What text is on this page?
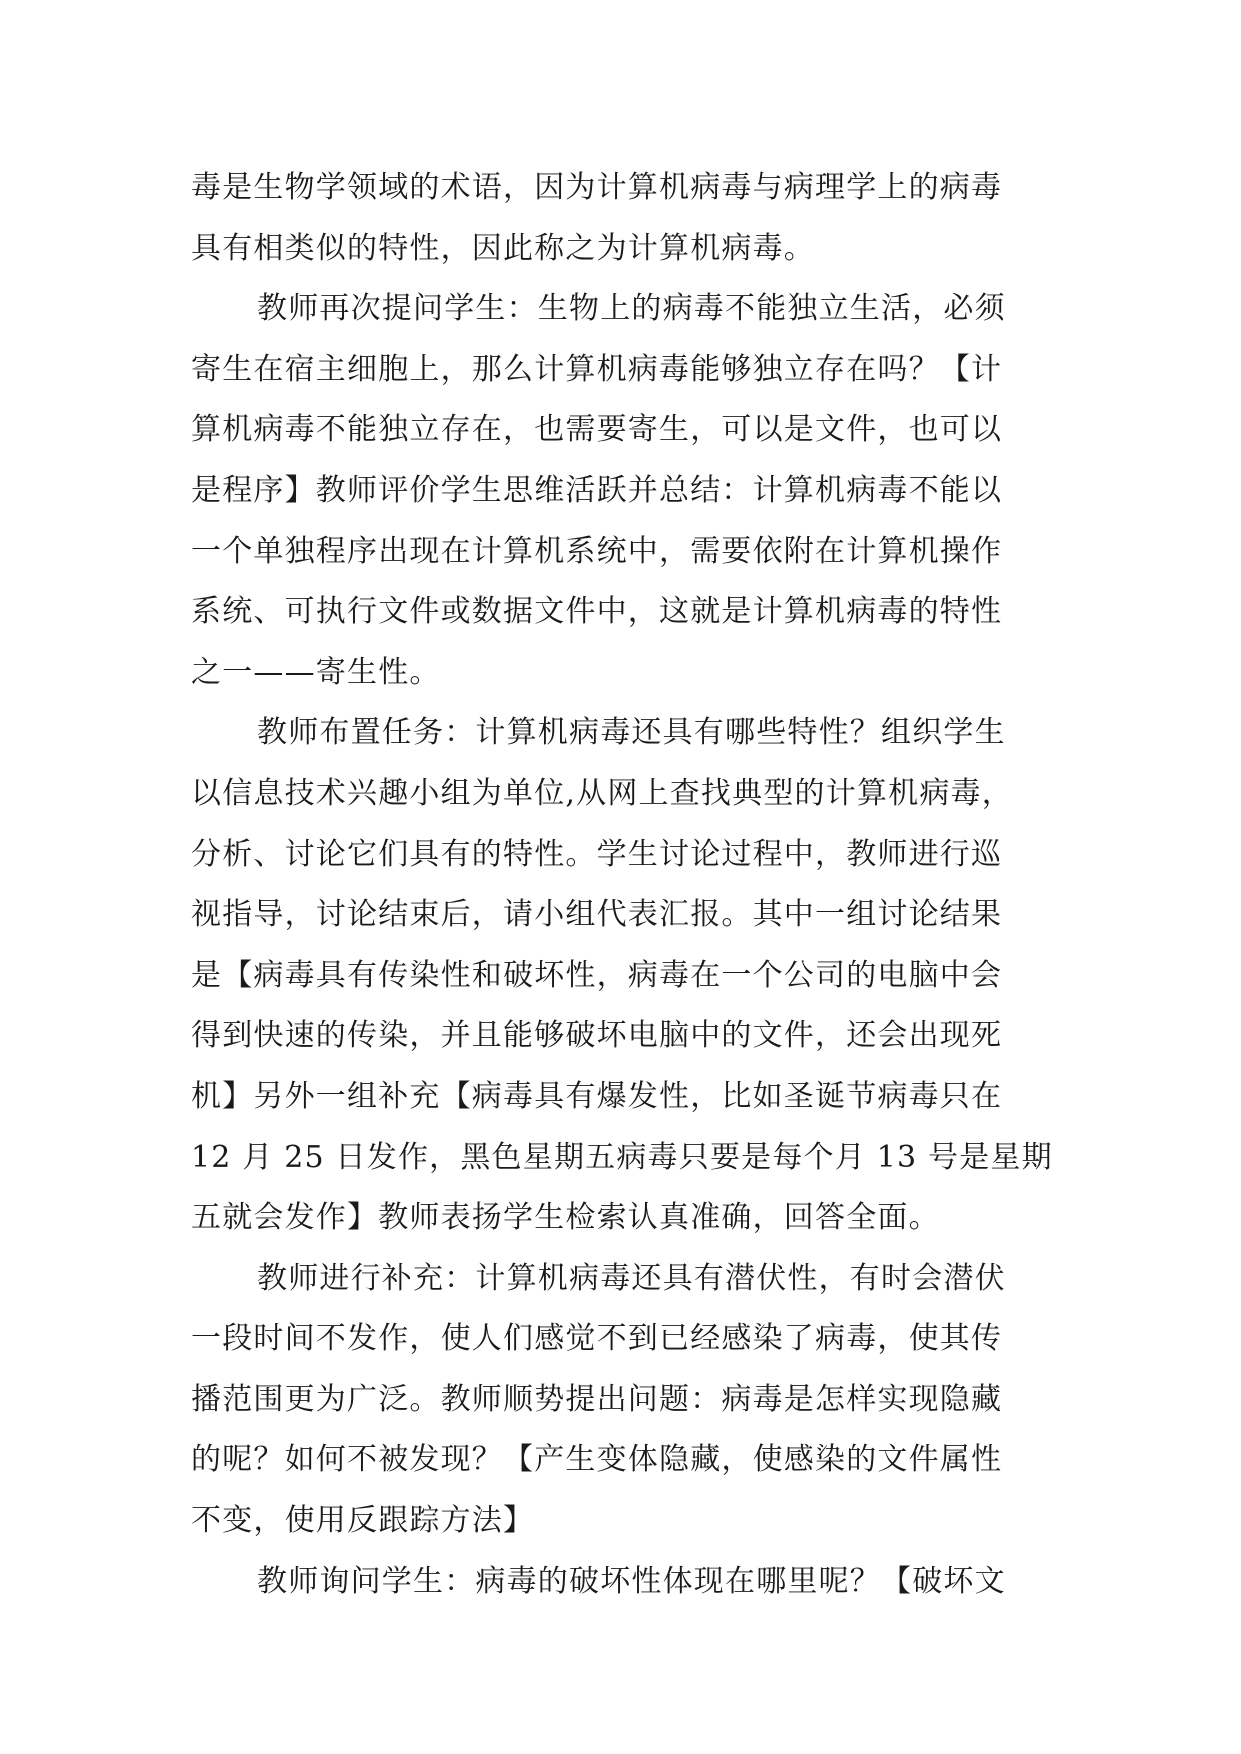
毒是生物学领域的术语，因为计算机病毒与病理学上的病毒
具有相类似的特性，因此称之为计算机病毒。
教师再次提问学生：生物上的病毒不能独立生活，必须
寄生在宿主细胞上，那么计算机病毒能够独立存在吗？【计
算机病毒不能独立存在，也需要寄生，可以是文件，也可以
是程序】教师评价学生思维活跃并总结：计算机病毒不能以
一个单独程序出现在计算机系统中，需要依附在计算机操作
系统、可执行文件或数据文件中，这就是计算机病毒的特性
之一——寄生性。
教师布置任务：计算机病毒还具有哪些特性？组织学生
以信息技术兴趣小组为单位,从网上查找典型的计算机病毒，
分析、讨论它们具有的特性。学生讨论过程中，教师进行巡
视指导，讨论结束后，请小组代表汇报。其中一组讨论结果
是【病毒具有传染性和破坏性，病毒在一个公司的电脑中会
得到快速的传染，并且能够破坏电脑中的文件，还会出现死
机】另外一组补充【病毒具有爆发性，比如圣诞节病毒只在
12 月 25 日发作，黑色星期五病毒只要是每个月 13 号是星期
五就会发作】教师表扬学生检索认真准确，回答全面。
教师进行补充：计算机病毒还具有潜伏性，有时会潜伏
一段时间不发作，使人们感觉不到已经感染了病毒，使其传
播范围更为广泛。教师顺势提出问题：病毒是怎样实现隐藏
的呢？如何不被发现？【产生变体隐藏，使感染的文件属性
不变，使用反跟踪方法】
教师询问学生：病毒的破坏性体现在哪里呢？【破坏文
